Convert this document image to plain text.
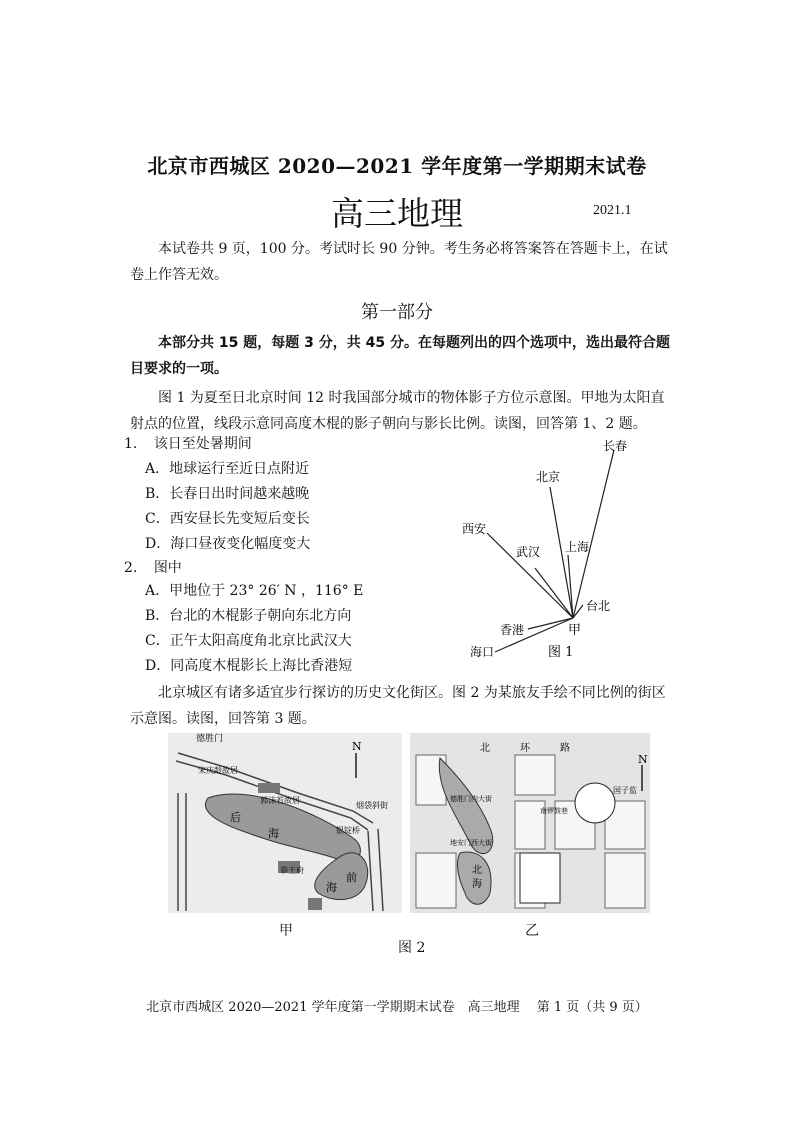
北京市西城区 2020—2021 学年度第一学期期末试卷
高三地理	2021.1
本试卷共 9 页，100 分。考试时长 90 分钟。考生务必将答案答在答题卡上，在试卷上作答无效。
第一部分
本部分共 15 题，每题 3 分，共 45 分。在每题列出的四个选项中，选出最符合题目要求的一项。
图 1 为夏至日北京时间 12 时我国部分城市的物体影子方位示意图。甲地为太阳直射点的位置，线段示意同高度木棍的影子朝向与影长比例。读图，回答第 1、2 题。
1. 该日至处暑期间
A．地球运行至近日点附近
B．长春日出时间越来越晚
C．西安昼长先变短后变长
D．海口昼夜变化幅度变大
2. 图中
A．甲地位于 23° 26′ N ，116° E
B．台北的木棍影子朝向东北方向
C．正午太阳高度角北京比武汉大
D．同高度木棍影长上海比香港短
长春
北京
西安
武汉 上海
台北
香港
海口
甲
图 1
北京城区有诸多适宜步行探访的历史文化街区。图 2 为某旅友手绘不同比例的街区示意图。读图，回答第 3 题。
德胜门
后
海
前
海
银锭桥
烟袋斜街
恭王府
宋庆龄故居
郭沫若故居
N
甲
北	环	路
德胜门内大街
南锣鼓巷
地安门西大街
北
海
国子监
N
乙
图 2
北京市西城区 2020—2021 学年度第一学期期末试卷　高三地理　 第 1 页（共 9 页）
